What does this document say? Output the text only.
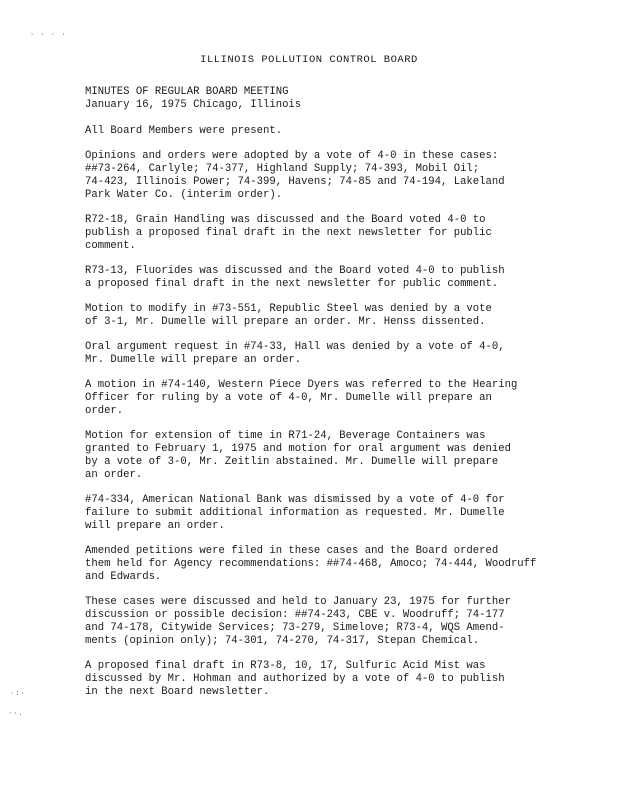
· · · ·
·:·
··.
ILLINOIS POLLUTION CONTROL BOARD
MINUTES OF REGULAR BOARD MEETING
January 16, 1975 Chicago, Illinois

All Board Members were present.

Opinions and orders were adopted by a vote of 4-0 in these cases:
##73-264, Carlyle; 74-377, Highland Supply; 74-393, Mobil Oil;
74-423, Illinois Power; 74-399, Havens; 74-85 and 74-194, Lakeland
Park Water Co. (interim order).

R72-18, Grain Handling was discussed and the Board voted 4-0 to
publish a proposed final draft in the next newsletter for public
comment.

R73-13, Fluorides was discussed and the Board voted 4-0 to publish
a proposed final draft in the next newsletter for public comment.

Motion to modify in #73-551, Republic Steel was denied by a vote
of 3-1, Mr. Dumelle will prepare an order. Mr. Henss dissented.

Oral argument request in #74-33, Hall was denied by a vote of 4-0,
Mr. Dumelle will prepare an order.

A motion in #74-140, Western Piece Dyers was referred to the Hearing
Officer for ruling by a vote of 4-0, Mr. Dumelle will prepare an
order.

Motion for extension of time in R71-24, Beverage Containers was
granted to February 1, 1975 and motion for oral argument was denied
by a vote of 3-0, Mr. Zeitlin abstained. Mr. Dumelle will prepare
an order.

#74-334, American National Bank was dismissed by a vote of 4-0 for
failure to submit additional information as requested. Mr. Dumelle
will prepare an order.

Amended petitions were filed in these cases and the Board ordered
them held for Agency recommendations: ##74-468, Amoco; 74-444, Woodruff
and Edwards.

These cases were discussed and held to January 23, 1975 for further
discussion or possible decision: ##74-243, CBE v. Woodruff; 74-177
and 74-178, Citywide Services; 73-279, Simelove; R73-4, WQS Amend-
ments (opinion only); 74-301, 74-270, 74-317, Stepan Chemical.

A proposed final draft in R73-8, 10, 17, Sulfuric Acid Mist was
discussed by Mr. Hohman and authorized by a vote of 4-0 to publish
in the next Board newsletter.
